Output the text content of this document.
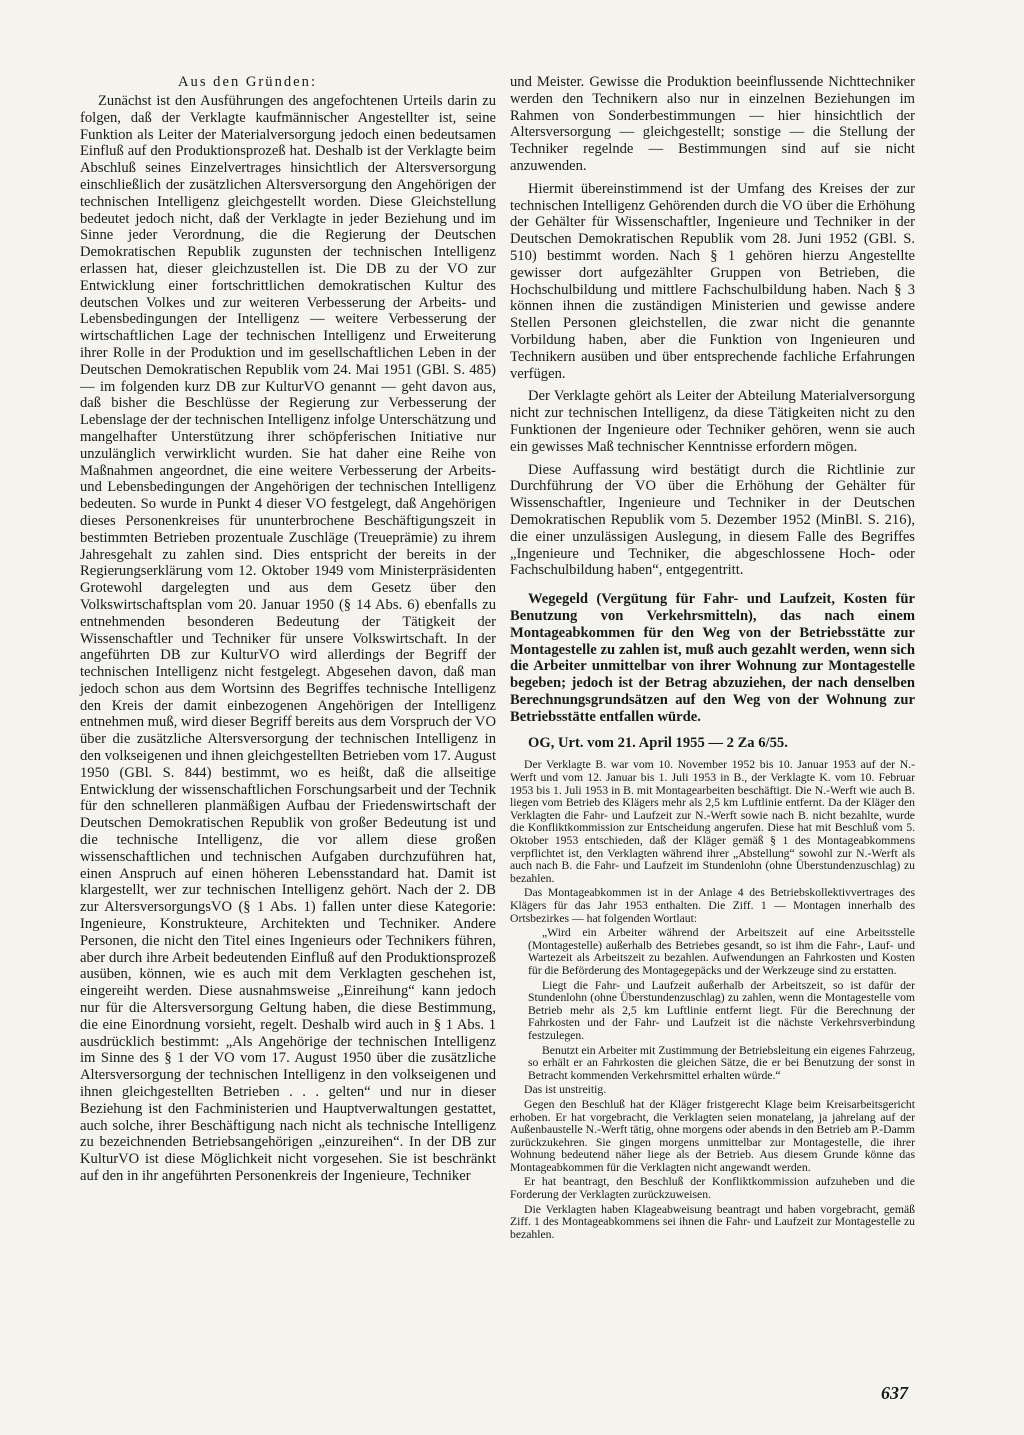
Aus den Gründen:

Zunächst ist den Ausführungen des angefochtenen Urteils darin zu folgen, daß der Verklagte kaufmännischer Angestellter ist, seine Funktion als Leiter der Materialversorgung jedoch einen bedeutsamen Einfluß auf den Produktionsprozeß hat. Deshalb ist der Verklagte beim Abschluß seines Einzelvertrages hinsichtlich der Altersversorgung einschließlich der zusätzlichen Altersversorgung den Angehörigen der technischen Intelligenz gleichgestellt worden. Diese Gleichstellung bedeutet jedoch nicht, daß der Verklagte in jeder Beziehung und im Sinne jeder Verordnung, die die Regierung der Deutschen Demokratischen Republik zugunsten der technischen Intelligenz erlassen hat, dieser gleichzustellen ist. Die DB zu der VO zur Entwicklung einer fortschrittlichen demokratischen Kultur des deutschen Volkes und zur weiteren Verbesserung der Arbeits- und Lebensbedingungen der Intelligenz — weitere Verbesserung der wirtschaftlichen Lage der technischen Intelligenz und Erweiterung ihrer Rolle in der Produktion und im gesellschaftlichen Leben in der Deutschen Demokratischen Republik vom 24. Mai 1951 (GBl. S. 485) — im folgenden kurz DB zur KulturVO genannt — geht davon aus, daß bisher die Beschlüsse der Regierung zur Verbesserung der Lebenslage der der technischen Intelligenz infolge Unterschätzung und mangelhafter Unterstützung ihrer schöpferischen Initiative nur unzulänglich verwirklicht wurden. Sie hat daher eine Reihe von Maßnahmen angeordnet, die eine weitere Verbesserung der Arbeits- und Lebensbedingungen der Angehörigen der technischen Intelligenz bedeuten. So wurde in Punkt 4 dieser VO festgelegt, daß Angehörigen dieses Personenkreises für ununterbrochene Beschäftigungszeit in bestimmten Betrieben prozentuale Zuschläge (Treueprämie) zu ihrem Jahresgehalt zu zahlen sind. Dies entspricht der bereits in der Regierungserklärung vom 12. Oktober 1949 vom Ministerpräsidenten Grotewohl dargelegten und aus dem Gesetz über den Volkswirtschaftsplan vom 20. Januar 1950 (§ 14 Abs. 6) ebenfalls zu entnehmenden besonderen Bedeutung der Tätigkeit der Wissenschaftler und Techniker für unsere Volkswirtschaft. In der angeführten DB zur KulturVO wird allerdings der Begriff der technischen Intelligenz nicht festgelegt. Abgesehen davon, daß man jedoch schon aus dem Wortsinn des Begriffes technische Intelligenz den Kreis der damit einbezogenen Angehörigen der Intelligenz entnehmen muß, wird dieser Begriff bereits aus dem Vorspruch der VO über die zusätzliche Altersversorgung der technischen Intelligenz in den volkseigenen und ihnen gleichgestellten Betrieben vom 17. August 1950 (GBl. S. 844) bestimmt, wo es heißt, daß die allseitige Entwicklung der wissenschaftlichen Forschungsarbeit und der Technik für den schnelleren planmäßigen Aufbau der Friedenswirtschaft der Deutschen Demokratischen Republik von großer Bedeutung ist und die technische Intelligenz, die vor allem diese großen wissenschaftlichen und technischen Aufgaben durchzuführen hat, einen Anspruch auf einen höheren Lebensstandard hat. Damit ist klargestellt, wer zur technischen Intelligenz gehört. Nach der 2. DB zur AltersversorgungsVO (§ 1 Abs. 1) fallen unter diese Kategorie: Ingenieure, Konstrukteure, Architekten und Techniker. Andere Personen, die nicht den Titel eines Ingenieurs oder Technikers führen, aber durch ihre Arbeit bedeutenden Einfluß auf den Produktionsprozeß ausüben, können, wie es auch mit dem Verklagten geschehen ist, eingereiht werden. Diese ausnahmsweise „Einreihung“ kann jedoch nur für die Altersversorgung Geltung haben, die diese Bestimmung, die eine Einordnung vorsieht, regelt. Deshalb wird auch in § 1 Abs. 1 ausdrücklich bestimmt: „Als Angehörige der technischen Intelligenz im Sinne des § 1 der VO vom 17. August 1950 über die zusätzliche Altersversorgung der technischen Intelligenz in den volkseigenen und ihnen gleichgestellten Betrieben . . . gelten“ und nur in dieser Beziehung ist den Fachministerien und Hauptverwaltungen gestattet, auch solche, ihrer Beschäftigung nach nicht als technische Intelligenz zu bezeichnenden Betriebsangehörigen „einzureihen“. In der DB zur KulturVO ist diese Möglichkeit nicht vorgesehen. Sie ist beschränkt auf den in ihr angeführten Personenkreis der Ingenieure, Techniker

und Meister. Gewisse die Produktion beeinflussende Nichttechniker werden den Technikern also nur in einzelnen Beziehungen im Rahmen von Sonderbestimmungen — hier hinsichtlich der Altersversorgung — gleichgestellt; sonstige — die Stellung der Techniker regelnde — Bestimmungen sind auf sie nicht anzuwenden.

Hiermit übereinstimmend ist der Umfang des Kreises der zur technischen Intelligenz Gehörenden durch die VO über die Erhöhung der Gehälter für Wissenschaftler, Ingenieure und Techniker in der Deutschen Demokratischen Republik vom 28. Juni 1952 (GBl. S. 510) bestimmt worden. Nach § 1 gehören hierzu Angestellte gewisser dort aufgezählter Gruppen von Betrieben, die Hochschulbildung und mittlere Fachschulbildung haben. Nach § 3 können ihnen die zuständigen Ministerien und gewisse andere Stellen Personen gleichstellen, die zwar nicht die genannte Vorbildung haben, aber die Funktion von Ingenieuren und Technikern ausüben und über entsprechende fachliche Erfahrungen verfügen.

Der Verklagte gehört als Leiter der Abteilung Materialversorgung nicht zur technischen Intelligenz, da diese Tätigkeiten nicht zu den Funktionen der Ingenieure oder Techniker gehören, wenn sie auch ein gewisses Maß technischer Kenntnisse erfordern mögen.

Diese Auffassung wird bestätigt durch die Richtlinie zur Durchführung der VO über die Erhöhung der Gehälter für Wissenschaftler, Ingenieure und Techniker in der Deutschen Demokratischen Republik vom 5. Dezember 1952 (MinBl. S. 216), die einer unzulässigen Auslegung, in diesem Falle des Begriffes „Ingenieure und Techniker, die abgeschlossene Hoch- oder Fachschulbildung haben“, entgegentritt.

Wegegeld (Vergütung für Fahr- und Laufzeit, Kosten für Benutzung von Verkehrsmitteln), das nach einem Montageabkommen für den Weg von der Betriebsstätte zur Montagestelle zu zahlen ist, muß auch gezahlt werden, wenn sich die Arbeiter unmittelbar von ihrer Wohnung zur Montagestelle begeben; jedoch ist der Betrag abzuziehen, der nach denselben Berechnungsgrundsätzen auf den Weg von der Wohnung zur Betriebsstätte entfallen würde.

OG, Urt. vom 21. April 1955 — 2 Za 6/55.

Der Verklagte B. war vom 10. November 1952 bis 10. Januar 1953 auf der N.-Werft und vom 12. Januar bis 1. Juli 1953 in B., der Verklagte K. vom 10. Februar 1953 bis 1. Juli 1953 in B. mit Montagearbeiten beschäftigt. Die N.-Werft wie auch B. liegen vom Betrieb des Klägers mehr als 2,5 km Luftlinie entfernt. Da der Kläger den Verklagten die Fahr- und Laufzeit zur N.-Werft sowie nach B. nicht bezahlte, wurde die Konfliktkommission zur Entscheidung angerufen. Diese hat mit Beschluß vom 5. Oktober 1953 entschieden, daß der Kläger gemäß § 1 des Montageabkommens verpflichtet ist, den Verklagten während ihrer „Abstellung“ sowohl zur N.-Werft als auch nach B. die Fahr- und Laufzeit im Stundenlohn (ohne Überstundenzuschlag) zu bezahlen.

Das Montageabkommen ist in der Anlage 4 des Betriebskollektivvertrages des Klägers für das Jahr 1953 enthalten. Die Ziff. 1 — Montagen innerhalb des Ortsbezirkes — hat folgenden Wortlaut:

„Wird ein Arbeiter während der Arbeitszeit auf eine Arbeitsstelle (Montagestelle) außerhalb des Betriebes gesandt, so ist ihm die Fahr-, Lauf- und Wartezeit als Arbeitszeit zu bezahlen. Aufwendungen an Fahrkosten und Kosten für die Beförderung des Montagegepäcks und der Werkzeuge sind zu erstatten.

Liegt die Fahr- und Laufzeit außerhalb der Arbeitszeit, so ist dafür der Stundenlohn (ohne Überstundenzuschlag) zu zahlen, wenn die Montagestelle vom Betrieb mehr als 2,5 km Luftlinie entfernt liegt. Für die Berechnung der Fahrkosten und der Fahr- und Laufzeit ist die nächste Verkehrsverbindung festzulegen.

Benutzt ein Arbeiter mit Zustimmung der Betriebsleitung ein eigenes Fahrzeug, so erhält er an Fahrkosten die gleichen Sätze, die er bei Benutzung der sonst in Betracht kommenden Verkehrsmittel erhalten würde.“

Das ist unstreitig.

Gegen den Beschluß hat der Kläger fristgerecht Klage beim Kreisarbeitsgericht erhoben. Er hat vorgebracht, die Verklagten seien monatelang, ja jahrelang auf der Außenbaustelle N.-Werft tätig, ohne morgens oder abends in den Betrieb am P.-Damm zurückzukehren. Sie gingen morgens unmittelbar zur Montagestelle, die ihrer Wohnung bedeutend näher liege als der Betrieb. Aus diesem Grunde könne das Montageabkommen für die Verklagten nicht angewandt werden.

Er hat beantragt, den Beschluß der Konfliktkommission aufzuheben und die Forderung der Verklagten zurückzuweisen.

Die Verklagten haben Klageabweisung beantragt und haben vorgebracht, gemäß Ziff. 1 des Montageabkommens sei ihnen die Fahr- und Laufzeit zur Montagestelle zu bezahlen.

637
